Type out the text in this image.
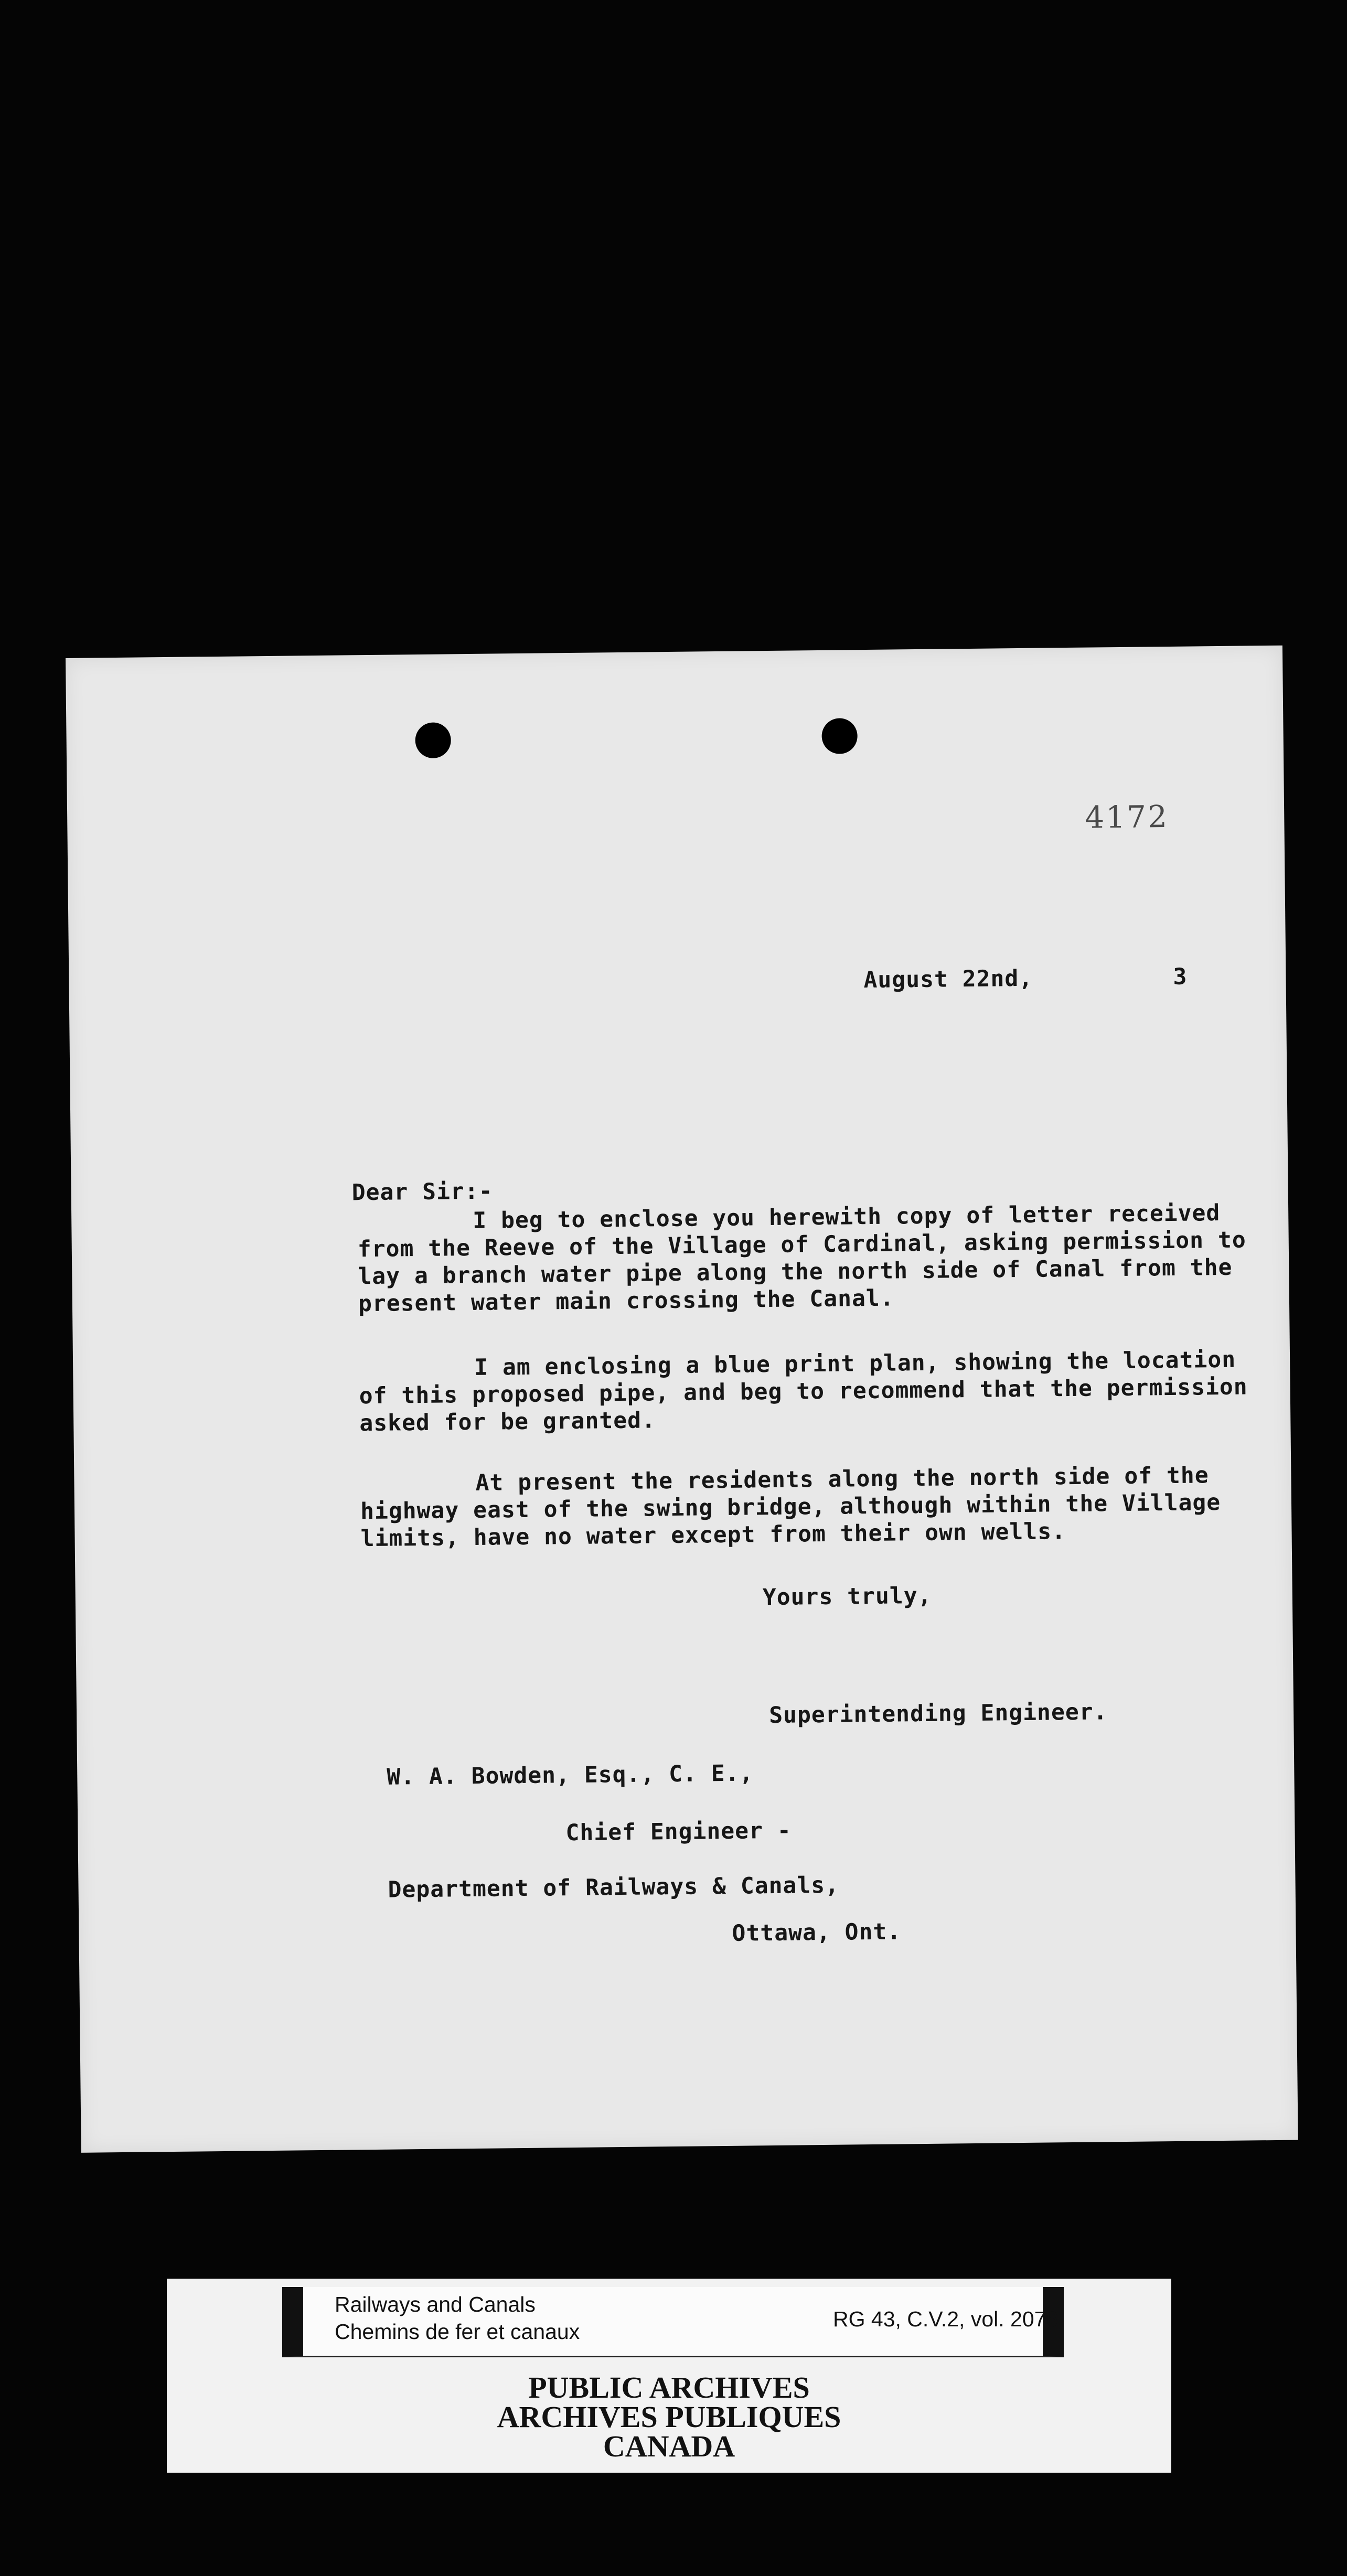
4172
August 22nd,	3
Dear Sir:-
I beg to enclose you herewith copy of letter received from the Reeve of the Village of Cardinal, asking permission to lay a branch water pipe along the north side of Canal from the present water main crossing the Canal.
I am enclosing a blue print plan, showing the location of this proposed pipe, and beg to recommend that the permission asked for be granted.
At present the residents along the north side of the highway east of the swing bridge, although within the Village limits, have no water except from their own wells.
Yours truly,
Superintending Engineer.
W. A. Bowden, Esq., C. E.,
Chief Engineer -
Department of Railways & Canals,
Ottawa, Ont.
Railways and Canals
Chemins de fer et canaux
RG 43, C.V.2, vol. 2076
PUBLIC ARCHIVES
ARCHIVES PUBLIQUES
CANADA
